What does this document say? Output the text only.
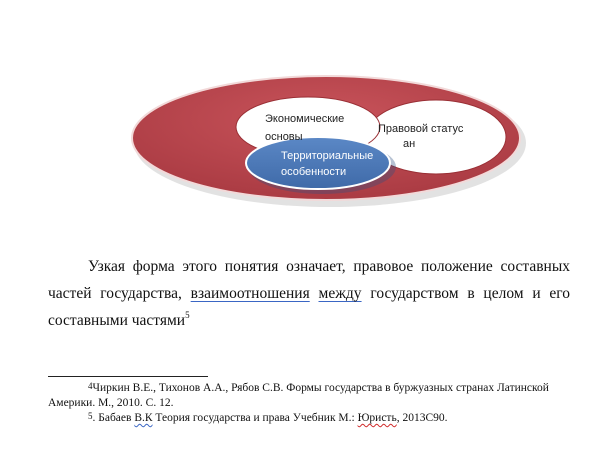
Экономические
основы
Правовой статус
ан
Территориальные
особенности
Узкая форма этого понятия означает, правовое положение составных
частей государства, взаимоотношения между государством в целом и его
составными частями$^5$
$^4$Чиркин В.Е., Тихонов А.А., Рябов С.В. Формы государства в буржуазных странах Латинской
Америки. М., 2010. С. 12.
$^5$. Бабаев В.К Теория государства и права Учебник М.: Юристь, 2013С90.
